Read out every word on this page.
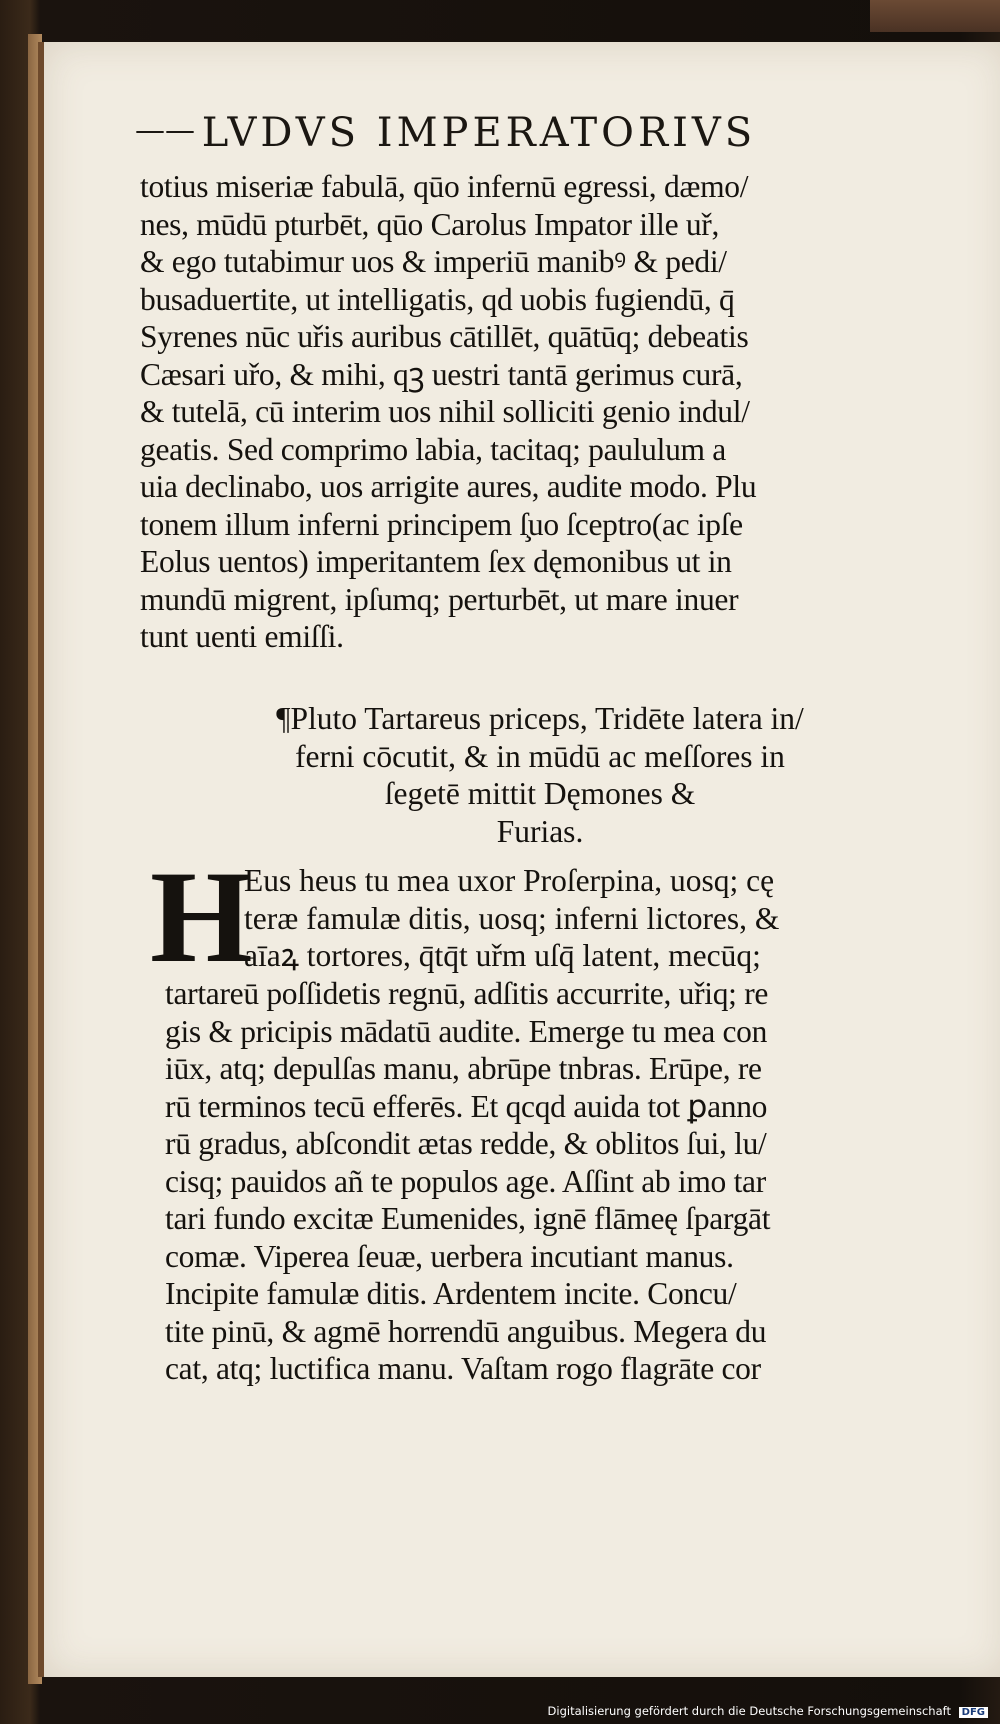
—— LVDVS IMPERATORIVS
totius miseriæ fabulā, qūo infernū egressi, dæmo/
nes, mūdū pturbēt, qūo Carolus Impator ille uř,
& ego tutabimur uos & imperiū manibꝰ & pedi/
busaduertite, ut intelligatis, qd uobis fugiendū, q̄
Syrenes nūc uřis auribus cātillēt, quātūq; debeatis
Cæsari uřo, & mihi, qꝫ uestri tantā gerimus curā,
& tutelā, cū interim uos nihil solliciti genio indul/
geatis. Sed comprimo labia, tacitaq; paululum a
uia declinabo, uos arrigite aures, audite modo. Plu
tonem illum inferni principem ſ̧uo ſceptro(ac ipſe
Eolus uentos) imperitantem ſex dęmonibus ut in
mundū migrent, ipſumq; perturbēt, ut mare inuer
tunt uenti emiſſi.
¶Pluto Tartareus priceps, Tridēte latera in/
ferni cōcutit, & in mūdū ac meſſores in
ſegetē mittit Dęmones &
Furias.
H
Eus heus tu mea uxor Proſerpina, uosq; cę
teræ famulæ ditis, uosq; inferni lictores, &
aīaꝝ tortores, q̄tq̄t uřm uſq̄ latent, mecūq;
tartareū poſſidetis regnū, adſitis accurrite, uřiq; re
gis & pricipis mādatū audite. Emerge tu mea con
iūx, atq; depulſas manu, abrūpe tnbras. Erūpe, re
rū terminos tecū efferēs. Et qcqd auida tot ꝑanno
rū gradus, abſcondit ætas redde, & oblitos ſui, lu/
cisq; pauidos añ te populos age. Aſſint ab imo tar
tari fundo excitæ Eumenides, ignē flāmeę ſpargāt
comæ. Viperea ſeuæ, uerbera incutiant manus.
Incipite famulæ ditis. Ardentem incite. Concu/
tite pinū, & agmē horrendū anguibus. Megera du
cat, atq; luctifica manu. Vaſtam rogo flagrāte cor
Digitalisierung gefördert durch die Deutsche Forschungsgemeinschaft DFG
